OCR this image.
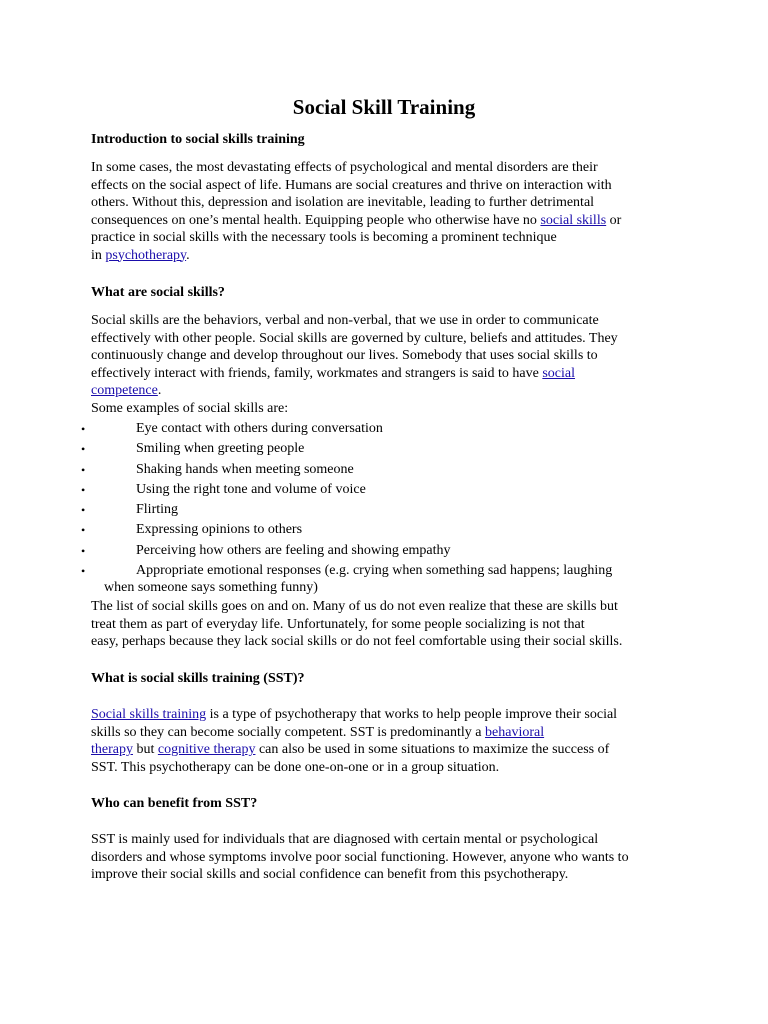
Social Skill Training
Introduction to social skills training
In some cases, the most devastating effects of psychological and mental disorders are their
effects on the social aspect of life. Humans are social creatures and thrive on interaction with
others. Without this, depression and isolation are inevitable, leading to further detrimental
consequences on one’s mental health. Equipping people who otherwise have no social skills or
practice in social skills with the necessary tools is becoming a prominent technique
in psychotherapy.
What are social skills?
Social skills are the behaviors, verbal and non-verbal, that we use in order to communicate
effectively with other people. Social skills are governed by culture, beliefs and attitudes. They
continuously change and develop throughout our lives. Somebody that uses social skills to
effectively interact with friends, family, workmates and strangers is said to have social
competence.
Some examples of social skills are:
•	Eye contact with others during conversation
•	Smiling when greeting people
•	Shaking hands when meeting someone
•	Using the right tone and volume of voice
•	Flirting
•	Expressing opinions to others
•	Perceiving how others are feeling and showing empathy
•	Appropriate emotional responses (e.g. crying when something sad happens; laughing
when someone says something funny)
The list of social skills goes on and on. Many of us do not even realize that these are skills but
treat them as part of everyday life. Unfortunately, for some people socializing is not that
easy, perhaps because they lack social skills or do not feel comfortable using their social skills.
What is social skills training (SST)?
Social skills training is a type of psychotherapy that works to help people improve their social
skills so they can become socially competent. SST is predominantly a behavioral
therapy but cognitive therapy can also be used in some situations to maximize the success of
SST. This psychotherapy can be done one-on-one or in a group situation.
Who can benefit from SST?
SST is mainly used for individuals that are diagnosed with certain mental or psychological
disorders and whose symptoms involve poor social functioning. However, anyone who wants to
improve their social skills and social confidence can benefit from this psychotherapy.
